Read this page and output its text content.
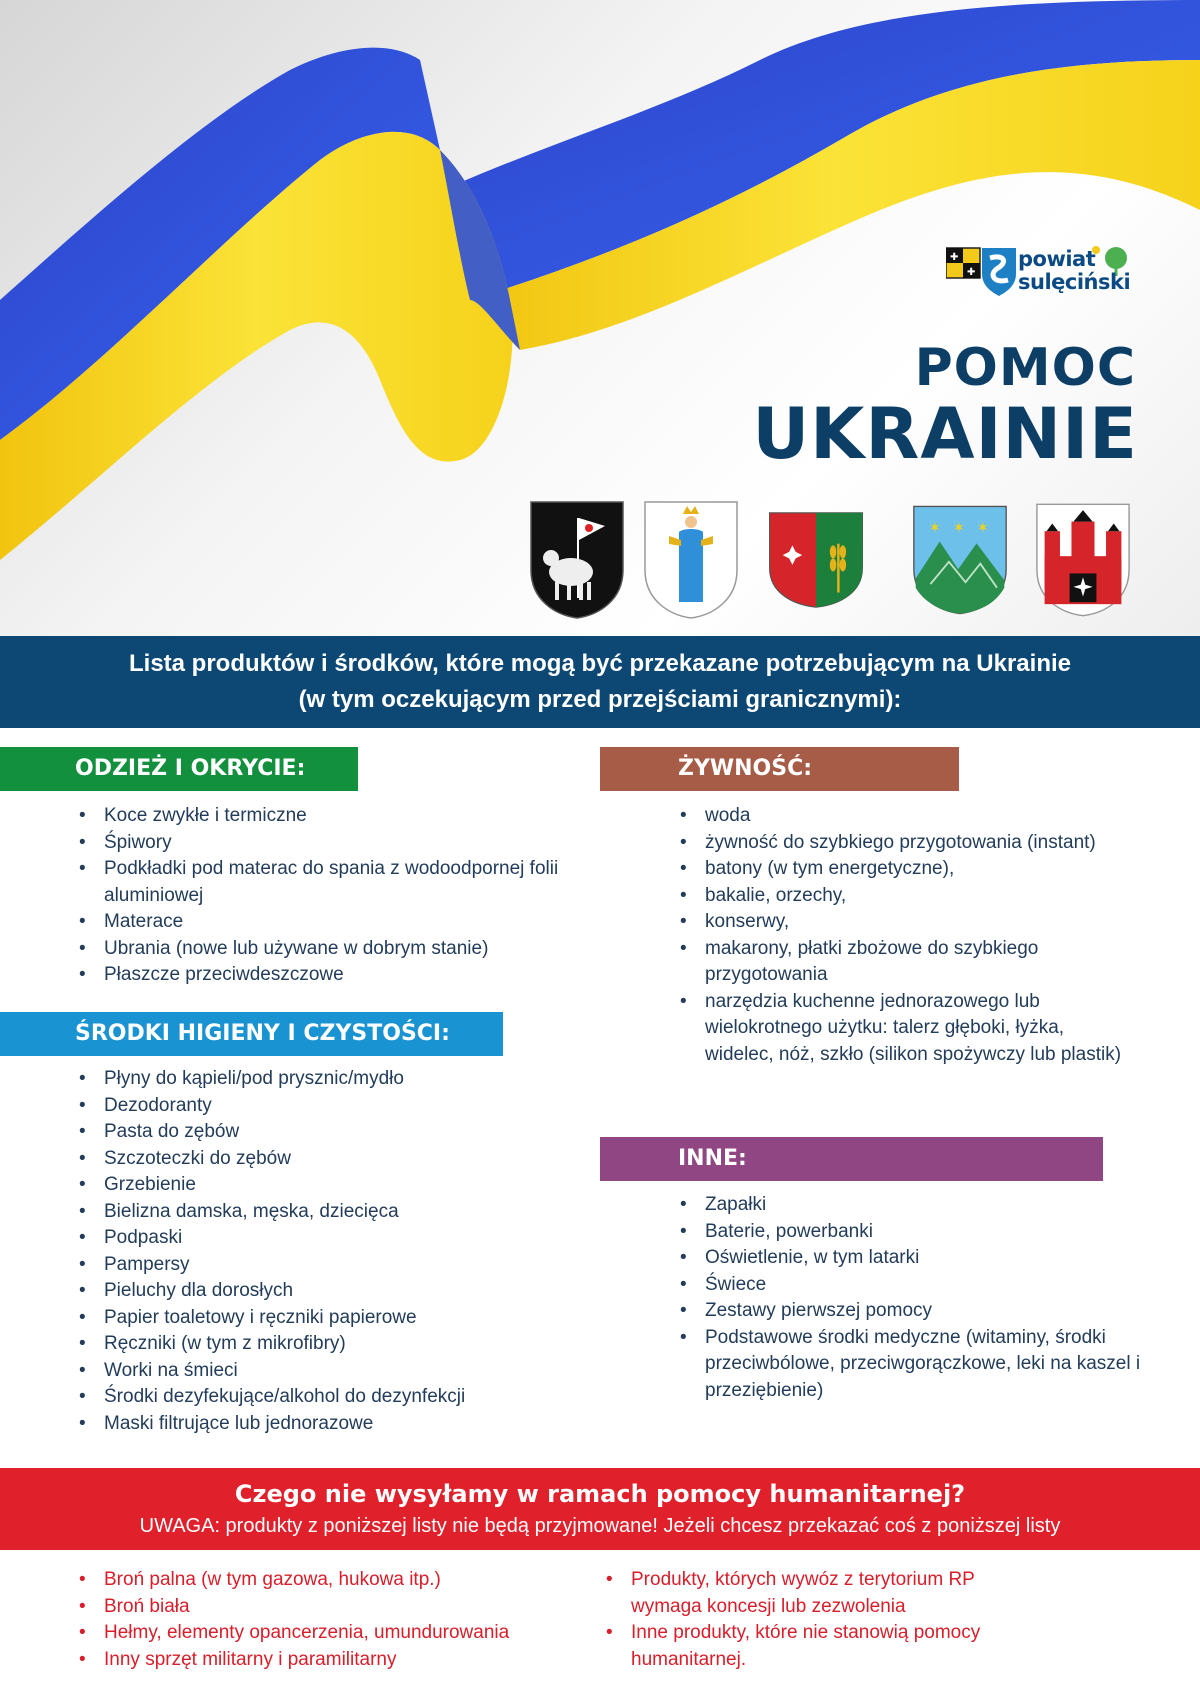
✚
✚
powiat
sulęciński
POMOC
UKRAINIE
✶ ✶ ✶
Lista produktów i środków, które mogą być przekazane potrzebującym na Ukrainie
(w tym oczekującym przed przejściami granicznymi):
ODZIEŻ I OKRYCIE:
• Koce zwykłe i termiczne
• Śpiwory
• Podkładki pod materac do spania z wodoodpornej folii aluminiowej
• Materace
• Ubrania (nowe lub używane w dobrym stanie)
• Płaszcze przeciwdeszczowe
ŚRODKI HIGIENY I CZYSTOŚCI:
• Płyny do kąpieli/pod prysznic/mydło
• Dezodoranty
• Pasta do zębów
• Szczoteczki do zębów
• Grzebienie
• Bielizna damska, męska, dziecięca
• Podpaski
• Pampersy
• Pieluchy dla dorosłych
• Papier toaletowy i ręczniki papierowe
• Ręczniki (w tym z mikrofibry)
• Worki na śmieci
• Środki dezyfekujące/alkohol do dezynfekcji
• Maski filtrujące lub jednorazowe
ŻYWNOŚĆ:
• woda
• żywność do szybkiego przygotowania (instant)
• batony (w tym energetyczne),
• bakalie, orzechy,
• konserwy,
• makarony, płatki zbożowe do szybkiego przygotowania
• narzędzia kuchenne jednorazowego lub wielokrotnego użytku: talerz głęboki, łyżka, widelec, nóż, szkło (silikon spożywczy lub plastik)
INNE:
• Zapałki
• Baterie, powerbanki
• Oświetlenie, w tym latarki
• Świece
• Zestawy pierwszej pomocy
• Podstawowe środki medyczne (witaminy, środki przeciwbólowe, przeciwgorączkowe, leki na kaszel i przeziębienie)
Czego nie wysyłamy w ramach pomocy humanitarnej?
UWAGA: produkty z poniższej listy nie będą przyjmowane! Jeżeli chcesz przekazać coś z poniższej listy
• Broń palna (w tym gazowa, hukowa itp.)
• Broń biała
• Hełmy, elementy opancerzenia, umundurowania
• Inny sprzęt militarny i paramilitarny
• Produkty, których wywóz z terytorium RP wymaga koncesji lub zezwolenia
• Inne produkty, które nie stanowią pomocy humanitarnej.
